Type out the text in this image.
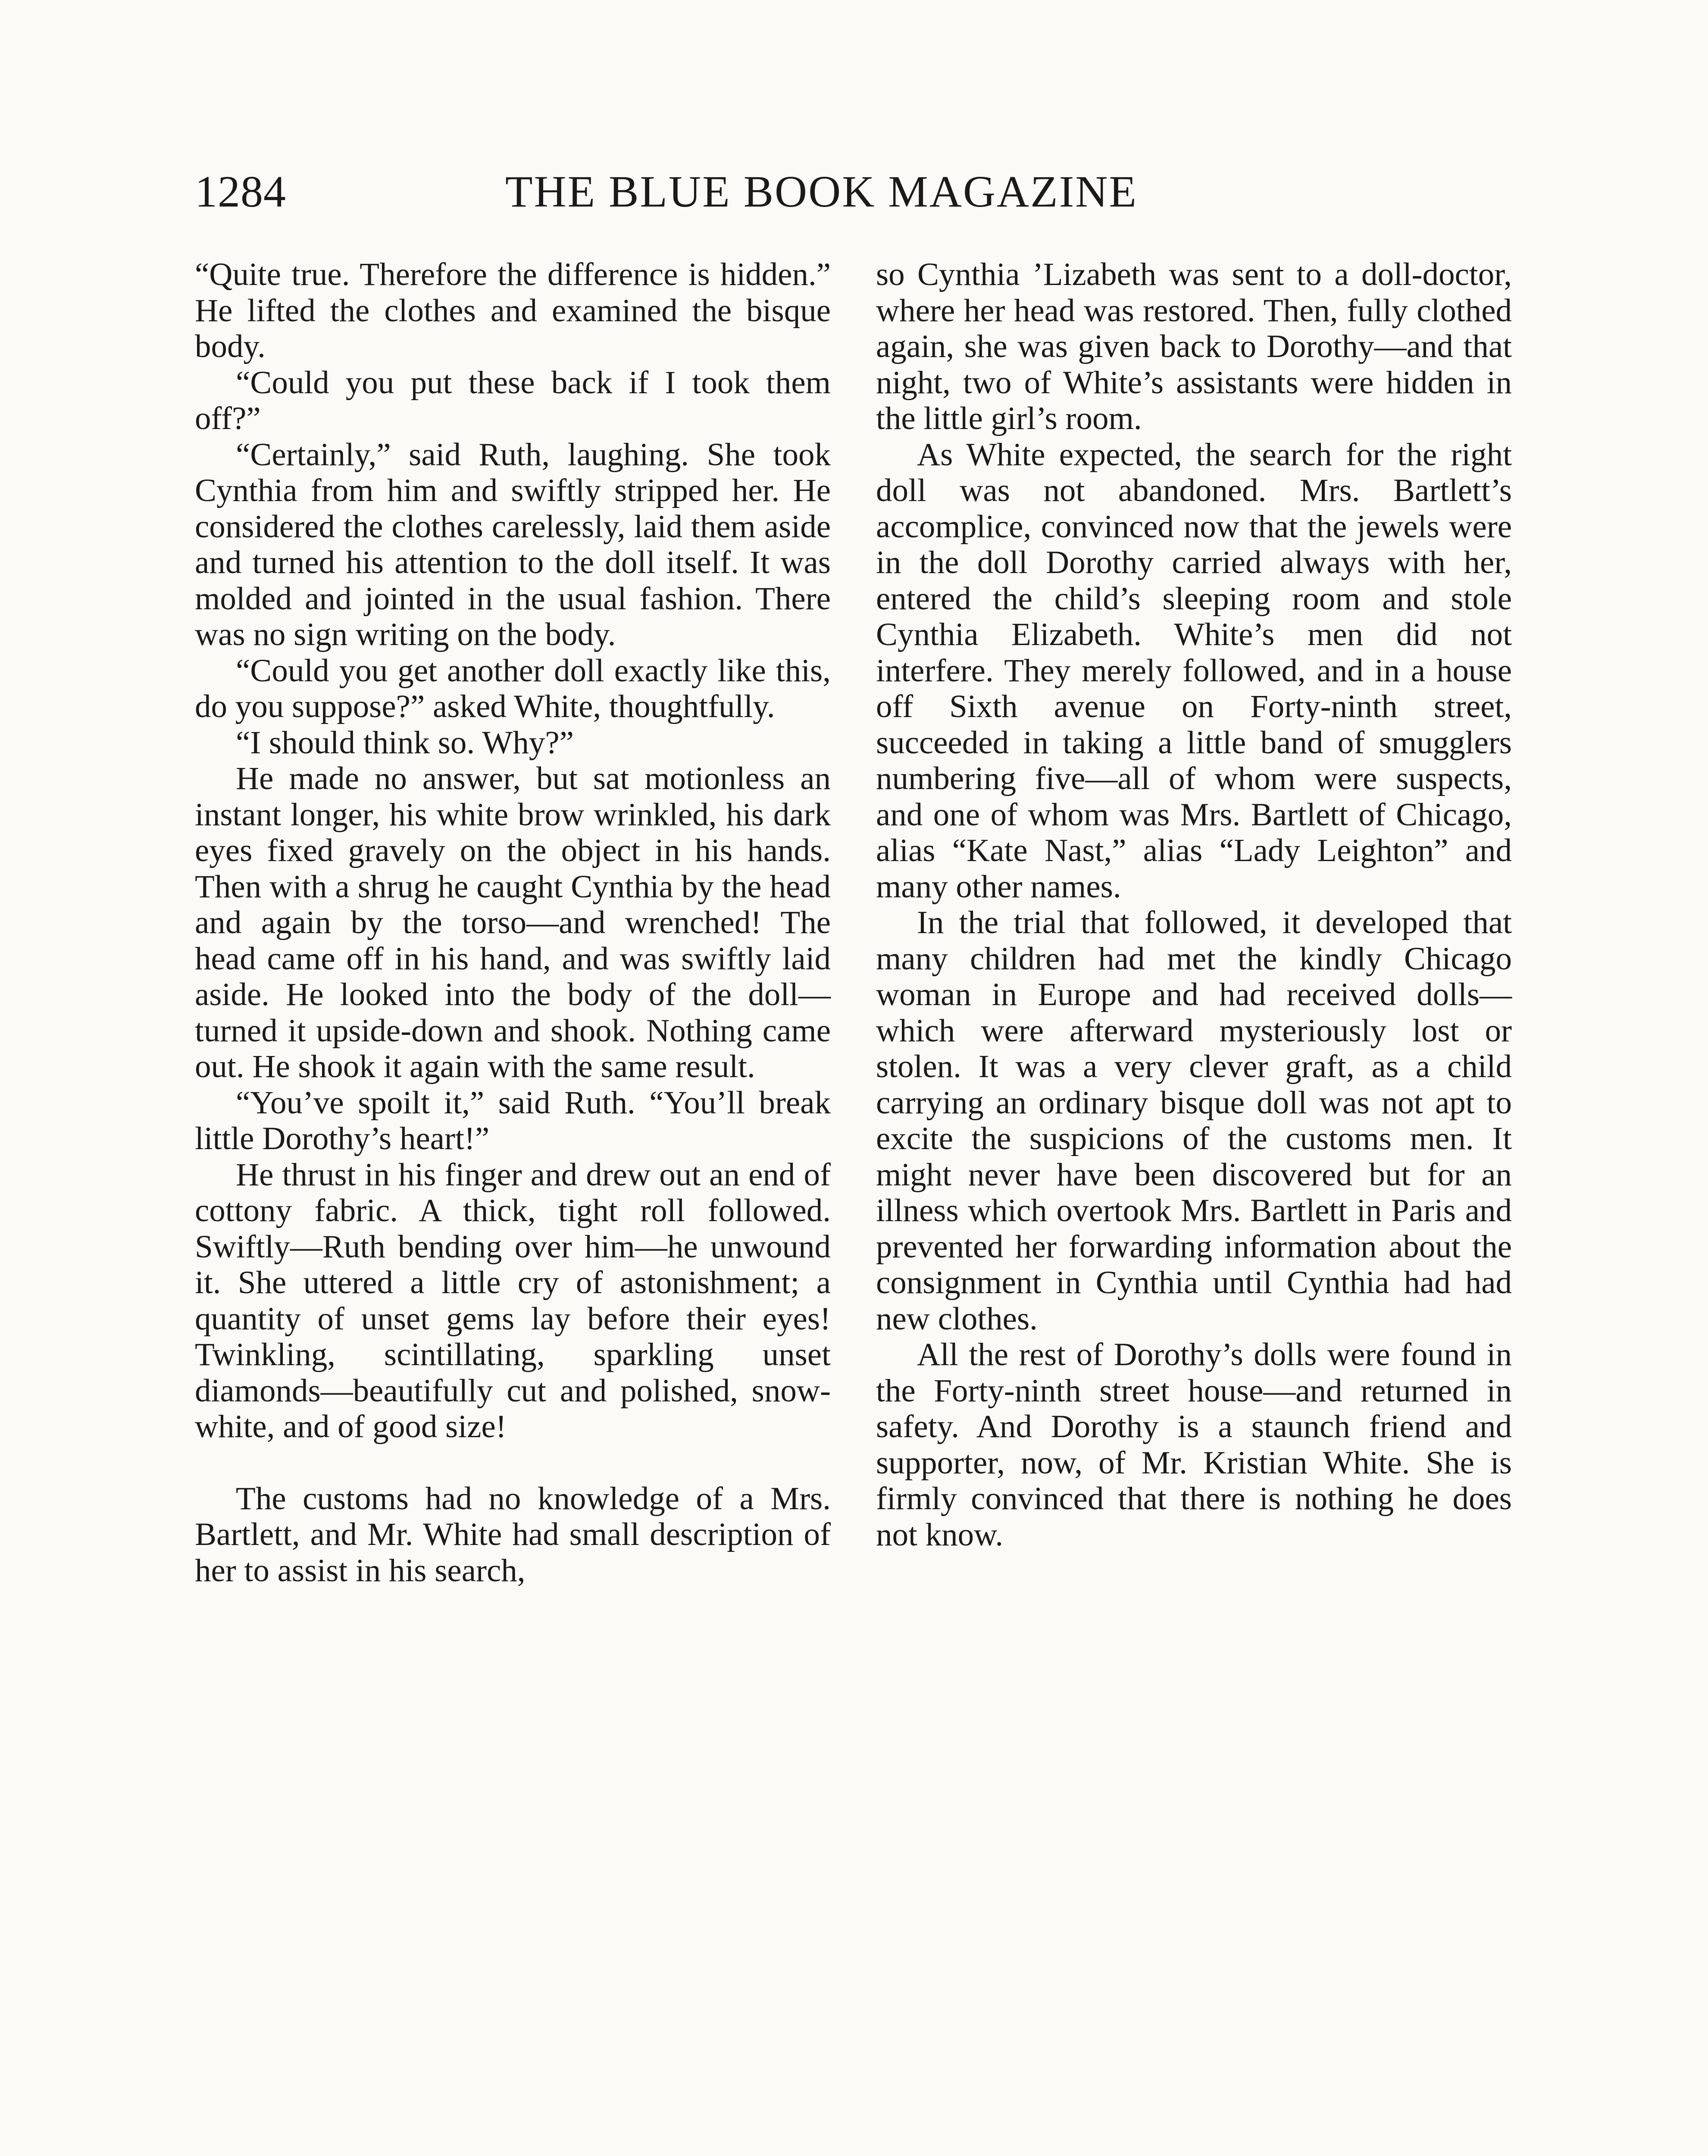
1284	THE BLUE BOOK MAGAZINE

“Quite true. Therefore the difference is hidden.” He lifted the clothes and examined the bisque body.

“Could you put these back if I took them off?”

“Certainly,” said Ruth, laughing. She took Cynthia from him and swiftly stripped her. He considered the clothes carelessly, laid them aside and turned his attention to the doll itself. It was molded and jointed in the usual fashion. There was no sign writing on the body.

“Could you get another doll exactly like this, do you suppose?” asked White, thoughtfully.

“I should think so. Why?”

He made no answer, but sat motionless an instant longer, his white brow wrinkled, his dark eyes fixed gravely on the object in his hands. Then with a shrug he caught Cynthia by the head and again by the torso—and wrenched! The head came off in his hand, and was swiftly laid aside. He looked into the body of the doll—turned it upside-down and shook. Nothing came out. He shook it again with the same result.

“You’ve spoilt it,” said Ruth. “You’ll break little Dorothy’s heart!”

He thrust in his finger and drew out an end of cottony fabric. A thick, tight roll followed. Swiftly—Ruth bending over him—he unwound it. She uttered a little cry of astonishment; a quantity of unset gems lay before their eyes! Twinkling, scintillating, sparkling unset diamonds—beautifully cut and polished, snow-white, and of good size!

The customs had no knowledge of a Mrs. Bartlett, and Mr. White had small description of her to assist in his search,

so Cynthia ’Lizabeth was sent to a doll-doctor, where her head was restored. Then, fully clothed again, she was given back to Dorothy—and that night, two of White’s assistants were hidden in the little girl’s room.

As White expected, the search for the right doll was not abandoned. Mrs. Bartlett’s accomplice, convinced now that the jewels were in the doll Dorothy carried always with her, entered the child’s sleeping room and stole Cynthia Elizabeth. White’s men did not interfere. They merely followed, and in a house off Sixth avenue on Forty-ninth street, succeeded in taking a little band of smugglers numbering five—all of whom were suspects, and one of whom was Mrs. Bartlett of Chicago, alias “Kate Nast,” alias “Lady Leighton” and many other names.

In the trial that followed, it developed that many children had met the kindly Chicago woman in Europe and had received dolls—which were afterward mysteriously lost or stolen. It was a very clever graft, as a child carrying an ordinary bisque doll was not apt to excite the suspicions of the customs men. It might never have been discovered but for an illness which overtook Mrs. Bartlett in Paris and prevented her forwarding information about the consignment in Cynthia until Cynthia had had new clothes.

All the rest of Dorothy’s dolls were found in the Forty-ninth street house—and returned in safety. And Dorothy is a staunch friend and supporter, now, of Mr. Kristian White. She is firmly convinced that there is nothing he does not know.
